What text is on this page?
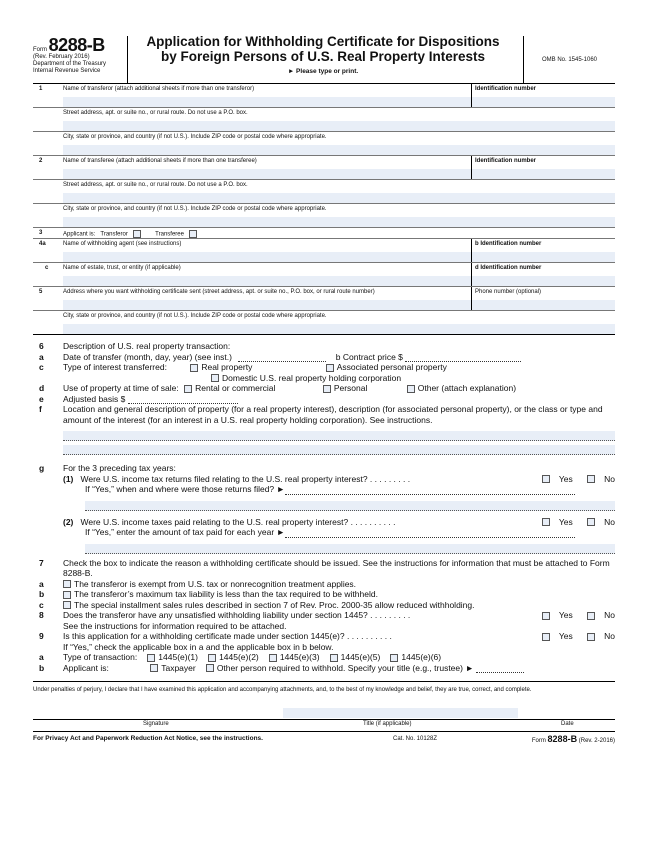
Form 8288-B
(Rev. February 2016)
Department of the Treasury
Internal Revenue Service
Application for Withholding Certificate for Dispositions
by Foreign Persons of U.S. Real Property Interests
► Please type or print.
OMB No. 1545-1060
1	Name of transferor (attach additional sheets if more than one transferor)	Identification number
Street address, apt. or suite no., or rural route. Do not use a P.O. box.
City, state or province, and country (if not U.S.). Include ZIP code or postal code where appropriate.
2	Name of transferee (attach additional sheets if more than one transferee)	Identification number
Street address, apt. or suite no., or rural route. Do not use a P.O. box.
City, state or province, and country (if not U.S.). Include ZIP code or postal code where appropriate.
3	Applicant is: Transferor	Transferee
4a	Name of withholding agent (see instructions)	b Identification number
c Name of estate, trust, or entity (if applicable)	d Identification number
5	Address where you want withholding certificate sent (street address, apt. or suite no., P.O. box, or rural route number)	Phone number (optional)
City, state or province, and country (if not U.S.). Include ZIP code or postal code where appropriate.
6 Description of U.S. real property transaction:
a Date of transfer (month, day, year) (see inst.)	b Contract price $
c Type of interest transferred:	Real property	Associated personal property
Domestic U.S. real property holding corporation
d Use of property at time of sale: Rental or commercial	Personal	Other (attach explanation)
e Adjusted basis $
f Location and general description of property (for a real property interest), description (for associated personal property), or the class or type and amount of the interest (for an interest in a U.S. real property holding corporation). See instructions.
g For the 3 preceding tax years:
(1) Were U.S. income tax returns filed relating to the U.S. real property interest? . . . . . . . . .	Yes	No
If “Yes,” when and where were those returns filed? ►
(2) Were U.S. income taxes paid relating to the U.S. real property interest? . . . . . . . . . .	Yes	No
If “Yes,” enter the amount of tax paid for each year ►
7 Check the box to indicate the reason a withholding certificate should be issued. See the instructions for information that must be attached to Form 8288-B.
a	The transferor is exempt from U.S. tax or nonrecognition treatment applies.
b	The transferor’s maximum tax liability is less than the tax required to be withheld.
c	The special installment sales rules described in section 7 of Rev. Proc. 2000-35 allow reduced withholding.
8 Does the transferor have any unsatisfied withholding liability under section 1445? . . . . . . . . .	Yes	No
See the instructions for information required to be attached.
9 Is this application for a withholding certificate made under section 1445(e)? . . . . . . . . . .	Yes	No
If “Yes,” check the applicable box in a and the applicable box in b below.
a Type of transaction: 1445(e)(1) 1445(e)(2) 1445(e)(3) 1445(e)(5) 1445(e)(6)
b Applicant is:	Taxpayer Other person required to withhold. Specify your title (e.g., trustee) ►
Under penalties of perjury, I declare that I have examined this application and accompanying attachments, and, to the best of my knowledge and belief, they are true, correct, and complete.
Signature	Title (if applicable)	Date
For Privacy Act and Paperwork Reduction Act Notice, see the instructions.	Cat. No. 10128Z	Form 8288-B (Rev. 2-2016)
